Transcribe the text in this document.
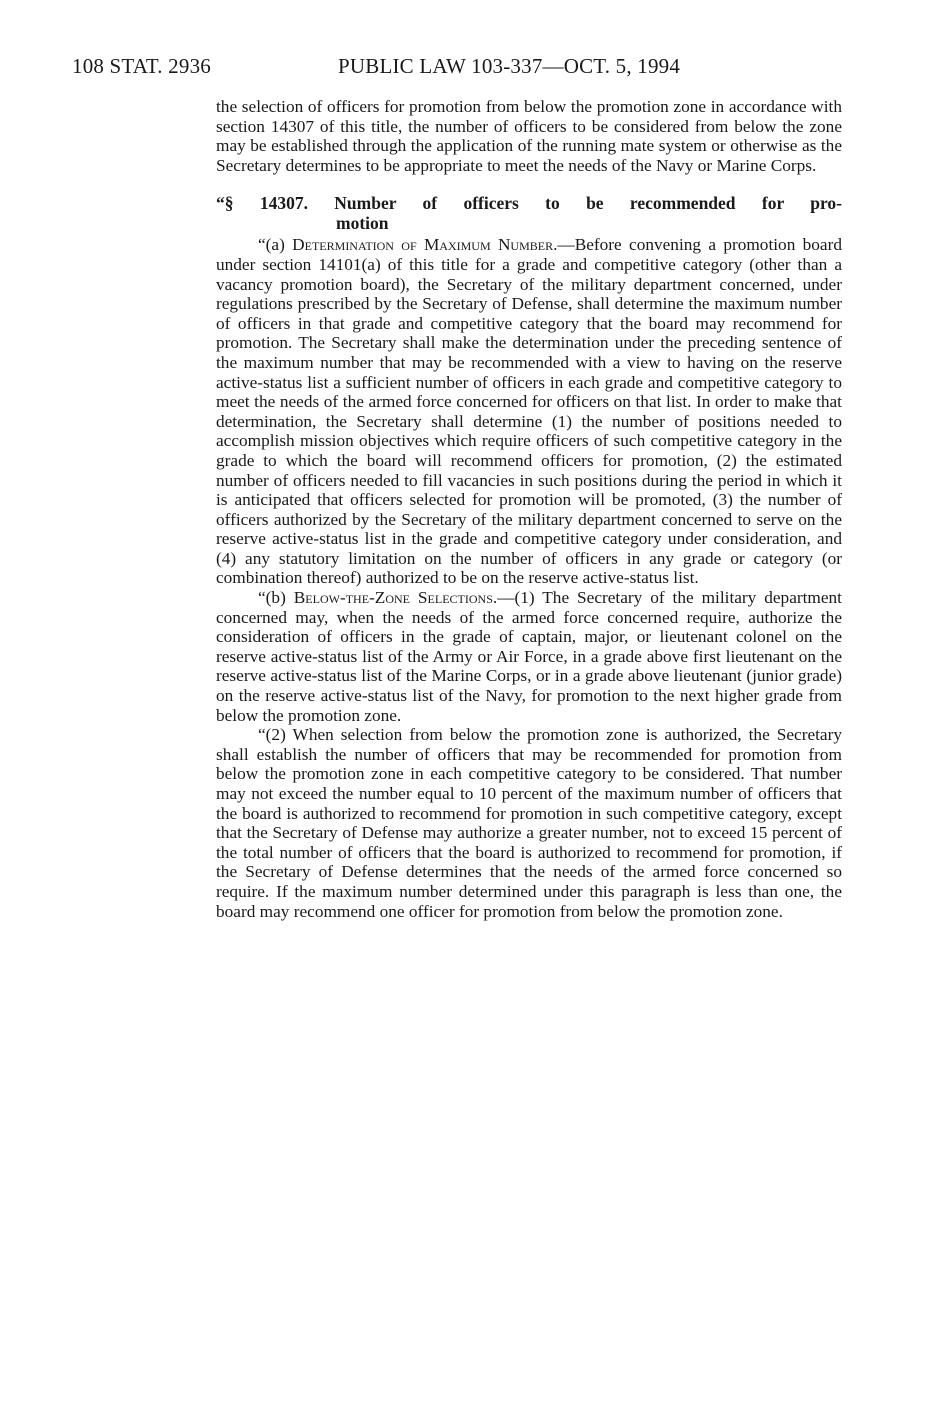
108 STAT. 2936	PUBLIC LAW 103-337—OCT. 5, 1994

the selection of officers for promotion from below the promotion zone in accordance with section 14307 of this title, the number of officers to be considered from below the zone may be established through the application of the running mate system or otherwise as the Secretary determines to be appropriate to meet the needs of the Navy or Marine Corps.

“§ 14307. Number of officers to be recommended for pro-
motion

“(a) Determination of Maximum Number.—Before convening a promotion board under section 14101(a) of this title for a grade and competitive category (other than a vacancy promotion board), the Secretary of the military department concerned, under regulations prescribed by the Secretary of Defense, shall determine the maximum number of officers in that grade and competitive category that the board may recommend for promotion. The Secretary shall make the determination under the preceding sentence of the maximum number that may be recommended with a view to having on the reserve active-status list a sufficient number of officers in each grade and competitive category to meet the needs of the armed force concerned for officers on that list. In order to make that determination, the Secretary shall determine (1) the number of positions needed to accomplish mission objectives which require officers of such competitive category in the grade to which the board will recommend officers for promotion, (2) the estimated number of officers needed to fill vacancies in such positions during the period in which it is anticipated that officers selected for promotion will be promoted, (3) the number of officers authorized by the Secretary of the military department concerned to serve on the reserve active-status list in the grade and competitive category under consideration, and (4) any statutory limitation on the number of officers in any grade or category (or combination thereof) authorized to be on the reserve active-status list.

“(b) Below-the-Zone Selections.—(1) The Secretary of the military department concerned may, when the needs of the armed force concerned require, authorize the consideration of officers in the grade of captain, major, or lieutenant colonel on the reserve active-status list of the Army or Air Force, in a grade above first lieutenant on the reserve active-status list of the Marine Corps, or in a grade above lieutenant (junior grade) on the reserve active-status list of the Navy, for promotion to the next higher grade from below the promotion zone.

“(2) When selection from below the promotion zone is authorized, the Secretary shall establish the number of officers that may be recommended for promotion from below the promotion zone in each competitive category to be considered. That number may not exceed the number equal to 10 percent of the maximum number of officers that the board is authorized to recommend for promotion in such competitive category, except that the Secretary of Defense may authorize a greater number, not to exceed 15 percent of the total number of officers that the board is authorized to recommend for promotion, if the Secretary of Defense determines that the needs of the armed force concerned so require. If the maximum number determined under this paragraph is less than one, the board may recommend one officer for promotion from below the promotion zone.
